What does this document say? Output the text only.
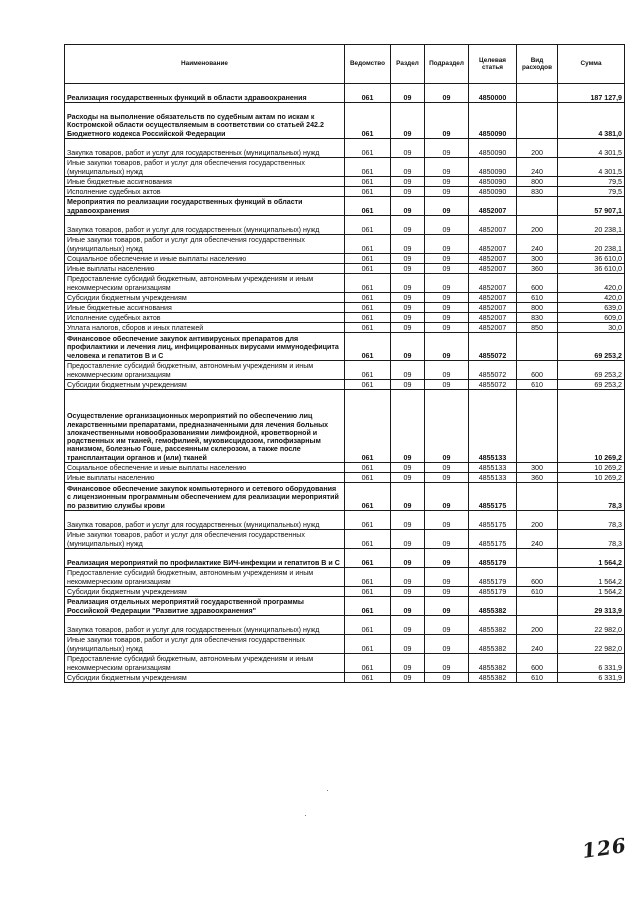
Наименование	Ведомство	Раздел	Подраздел	Целевая статья	Вид расходов	Сумма
Реализация государственных функций в области здравоохранения	061	09	09	4850000		187 127,9
Расходы на выполнение обязательств по судебным актам по искам к Костромской области осуществляемым в соответствии со статьей 242.2 Бюджетного кодекса Российской Федерации	061	09	09	4850090		4 381,0
Закупка товаров, работ и услуг для государственных (муниципальных) нужд	061	09	09	4850090	200	4 301,5
Иные закупки товаров, работ и услуг для обеспечения государственных (муниципальных) нужд	061	09	09	4850090	240	4 301,5
Иные бюджетные ассигнования	061	09	09	4850090	800	79,5
Исполнение судебных актов	061	09	09	4850090	830	79,5
Мероприятия по реализации государственных функций в области здравоохранения	061	09	09	4852007		57 907,1
Закупка товаров, работ и услуг для государственных (муниципальных) нужд	061	09	09	4852007	200	20 238,1
Иные закупки товаров, работ и услуг для обеспечения государственных (муниципальных) нужд	061	09	09	4852007	240	20 238,1
Социальное обеспечение и иные выплаты населению	061	09	09	4852007	300	36 610,0
Иные выплаты населению	061	09	09	4852007	360	36 610,0
Предоставление субсидий бюджетным, автономным учреждениям и иным некоммерческим организациям	061	09	09	4852007	600	420,0
Субсидии бюджетным учреждениям	061	09	09	4852007	610	420,0
Иные бюджетные ассигнования	061	09	09	4852007	800	639,0
Исполнение судебных актов	061	09	09	4852007	830	609,0
Уплата налогов, сборов и иных платежей	061	09	09	4852007	850	30,0
Финансовое обеспечение закупок антивирусных препаратов для профилактики и лечения лиц, инфицированных вирусами иммунодефицита человека и гепатитов В и С	061	09	09	4855072		69 253,2
Предоставление субсидий бюджетным, автономным учреждениям и иным некоммерческим организациям	061	09	09	4855072	600	69 253,2
Субсидии бюджетным учреждениям	061	09	09	4855072	610	69 253,2
Осуществление организационных мероприятий по обеспечению лиц лекарственными препаратами, предназначенными для лечения больных злокачественными новообразованиями лимфоидной, кроветворной и родственных им тканей, гемофилией, муковисцидозом, гипофизарным нанизмом, болезнью Гоше, рассеянным склерозом, а также после трансплантации органов и (или) тканей	061	09	09	4855133		10 269,2
Социальное обеспечение и иные выплаты населению	061	09	09	4855133	300	10 269,2
Иные выплаты населению	061	09	09	4855133	360	10 269,2
Финансовое обеспечение закупок компьютерного и сетевого оборудования с лицензионным программным обеспечением для реализации мероприятий по развитию службы крови	061	09	09	4855175		78,3
Закупка товаров, работ и услуг для государственных (муниципальных) нужд	061	09	09	4855175	200	78,3
Иные закупки товаров, работ и услуг для обеспечения государственных (муниципальных) нужд	061	09	09	4855175	240	78,3
Реализация мероприятий по профилактике ВИЧ-инфекции и гепатитов В и С	061	09	09	4855179		1 564,2
Предоставление субсидий бюджетным, автономным учреждениям и иным некоммерческим организациям	061	09	09	4855179	600	1 564,2
Субсидии бюджетным учреждениям	061	09	09	4855179	610	1 564,2
Реализация отдельных мероприятий государственной программы Российской Федерации "Развитие здравоохранения"	061	09	09	4855382		29 313,9
Закупка товаров, работ и услуг для государственных (муниципальных) нужд	061	09	09	4855382	200	22 982,0
Иные закупки товаров, работ и услуг для обеспечения государственных (муниципальных) нужд	061	09	09	4855382	240	22 982,0
Предоставление субсидий бюджетным, автономным учреждениям и иным некоммерческим организациям	061	09	09	4855382	600	6 331,9
Субсидии бюджетным учреждениям	061	09	09	4855382	610	6 331,9
126
